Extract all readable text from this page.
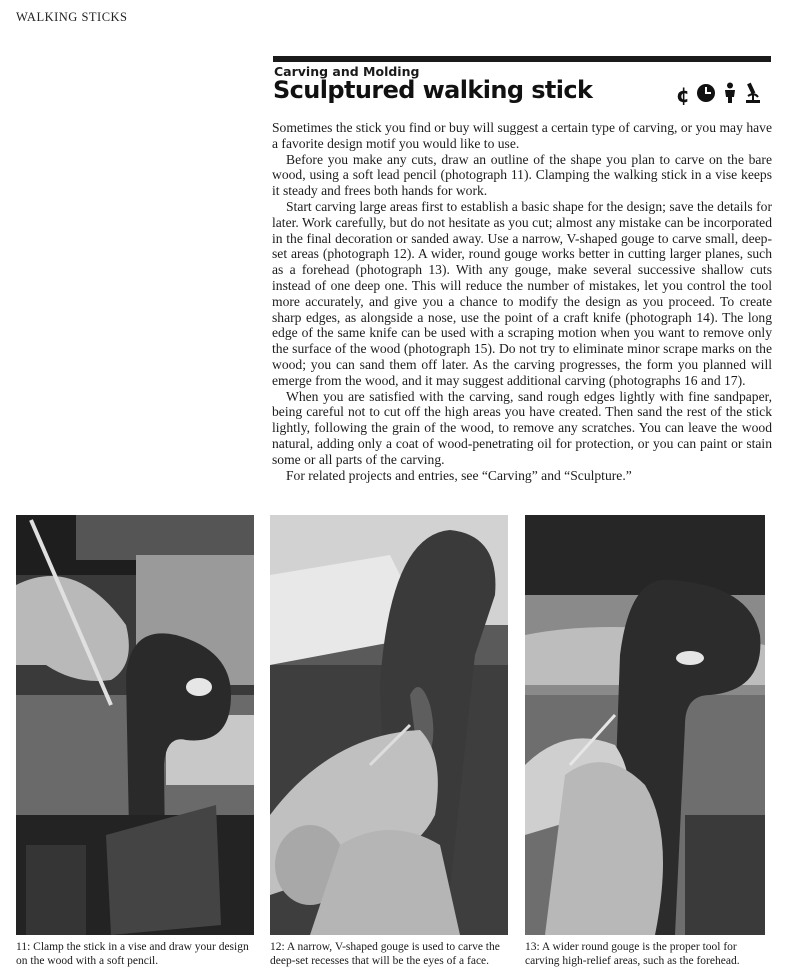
WALKING STICKS
Carving and Molding
Sculptured walking stick	¢

Sometimes the stick you find or buy will suggest a certain type of carving, or you may have a favorite design motif you would like to use.

Before you make any cuts, draw an outline of the shape you plan to carve on the bare wood, using a soft lead pencil (photograph 11). Clamping the walking stick in a vise keeps it steady and frees both hands for work.

Start carving large areas first to establish a basic shape for the design; save the details for later. Work carefully, but do not hesitate as you cut; almost any mistake can be incorporated in the final decoration or sanded away. Use a narrow, V-shaped gouge to carve small, deep-set areas (photograph 12). A wider, round gouge works better in cutting larger planes, such as a forehead (photograph 13). With any gouge, make several successive shallow cuts instead of one deep one. This will reduce the number of mistakes, let you control the tool more accurately, and give you a chance to modify the design as you proceed. To create sharp edges, as alongside a nose, use the point of a craft knife (photograph 14). The long edge of the same knife can be used with a scraping motion when you want to remove only the surface of the wood (photograph 15). Do not try to eliminate minor scrape marks on the wood; you can sand them off later. As the carving progresses, the form you planned will emerge from the wood, and it may suggest additional carving (photographs 16 and 17).

When you are satisfied with the carving, sand rough edges lightly with fine sandpaper, being careful not to cut off the high areas you have created. Then sand the rest of the stick lightly, following the grain of the wood, to remove any scratches. You can leave the wood natural, adding only a coat of wood-penetrating oil for protection, or you can paint or stain some or all parts of the carving.

For related projects and entries, see “Carving” and “Sculpture.”

11: Clamp the stick in a vise and draw your design on the wood with a soft pencil.
12: A narrow, V-shaped gouge is used to carve the deep-set recesses that will be the eyes of a face.
13: A wider round gouge is the proper tool for carving high-relief areas, such as the forehead.
